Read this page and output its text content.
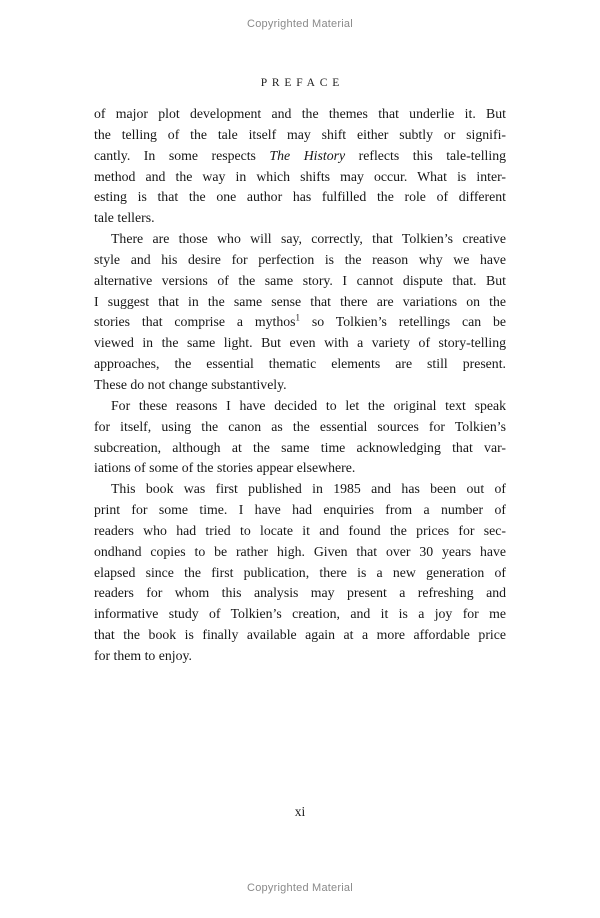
Copyrighted Material
PREFACE
of major plot development and the themes that underlie it. But
the telling of the tale itself may shift either subtly or signifi-
cantly. In some respects The History reflects this tale-telling
method and the way in which shifts may occur. What is inter-
esting is that the one author has fulfilled the role of different
tale tellers.
There are those who will say, correctly, that Tolkien’s creative
style and his desire for perfection is the reason why we have
alternative versions of the same story. I cannot dispute that. But
I suggest that in the same sense that there are variations on the
stories that comprise a mythos$^1$ so Tolkien’s retellings can be
viewed in the same light. But even with a variety of story-telling
approaches, the essential thematic elements are still present.
These do not change substantively.
For these reasons I have decided to let the original text speak
for itself, using the canon as the essential sources for Tolkien’s
subcreation, although at the same time acknowledging that var-
iations of some of the stories appear elsewhere.
This book was first published in 1985 and has been out of
print for some time. I have had enquiries from a number of
readers who had tried to locate it and found the prices for sec-
ondhand copies to be rather high. Given that over 30 years have
elapsed since the first publication, there is a new generation of
readers for whom this analysis may present a refreshing and
informative study of Tolkien’s creation, and it is a joy for me
that the book is finally available again at a more affordable price
for them to enjoy.
xi
Copyrighted Material
